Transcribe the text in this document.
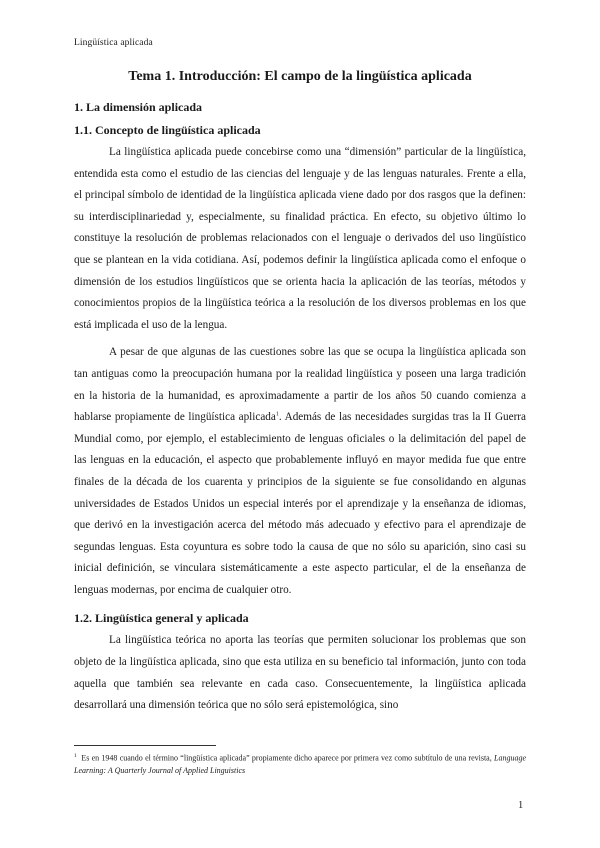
Lingüística aplicada
Tema 1. Introducción: El campo de la lingüística aplicada
1. La dimensión aplicada
1.1. Concepto de lingüística aplicada

La lingüística aplicada puede concebirse como una “dimensión” particular de la lingüística, entendida esta como el estudio de las ciencias del lenguaje y de las lenguas naturales. Frente a ella, el principal símbolo de identidad de la lingüística aplicada viene dado por dos rasgos que la definen: su interdisciplinariedad y, especialmente, su finalidad práctica. En efecto, su objetivo último lo constituye la resolución de problemas relacionados con el lenguaje o derivados del uso lingüístico que se plantean en la vida cotidiana. Así, podemos definir la lingüística aplicada como el enfoque o dimensión de los estudios lingüísticos que se orienta hacia la aplicación de las teorías, métodos y conocimientos propios de la lingüística teórica a la resolución de los diversos problemas en los que está implicada el uso de la lengua.

A pesar de que algunas de las cuestiones sobre las que se ocupa la lingüística aplicada son tan antiguas como la preocupación humana por la realidad lingüística y poseen una larga tradición en la historia de la humanidad, es aproximadamente a partir de los años 50 cuando comienza a hablarse propiamente de lingüística aplicada$^1$. Además de las necesidades surgidas tras la II Guerra Mundial como, por ejemplo, el establecimiento de lenguas oficiales o la delimitación del papel de las lenguas en la educación, el aspecto que probablemente influyó en mayor medida fue que entre finales de la década de los cuarenta y principios de la siguiente se fue consolidando en algunas universidades de Estados Unidos un especial interés por el aprendizaje y la enseñanza de idiomas, que derivó en la investigación acerca del método más adecuado y efectivo para el aprendizaje de segundas lenguas. Esta coyuntura es sobre todo la causa de que no sólo su aparición, sino casi su inicial definición, se vinculara sistemáticamente a este aspecto particular, el de la enseñanza de lenguas modernas, por encima de cualquier otro.

1.2. Lingüística general y aplicada

La lingüística teórica no aporta las teorías que permiten solucionar los problemas que son objeto de la lingüística aplicada, sino que esta utiliza en su beneficio tal información, junto con toda aquella que también sea relevante en cada caso. Consecuentemente, la lingüística aplicada desarrollará una dimensión teórica que no sólo será epistemológica, sino

$^1$ Es en 1948 cuando el término “lingüística aplicada” propiamente dicho aparece por primera vez como subtítulo de una revista, Language Learning: A Quarterly Journal of Applied Linguistics
1
